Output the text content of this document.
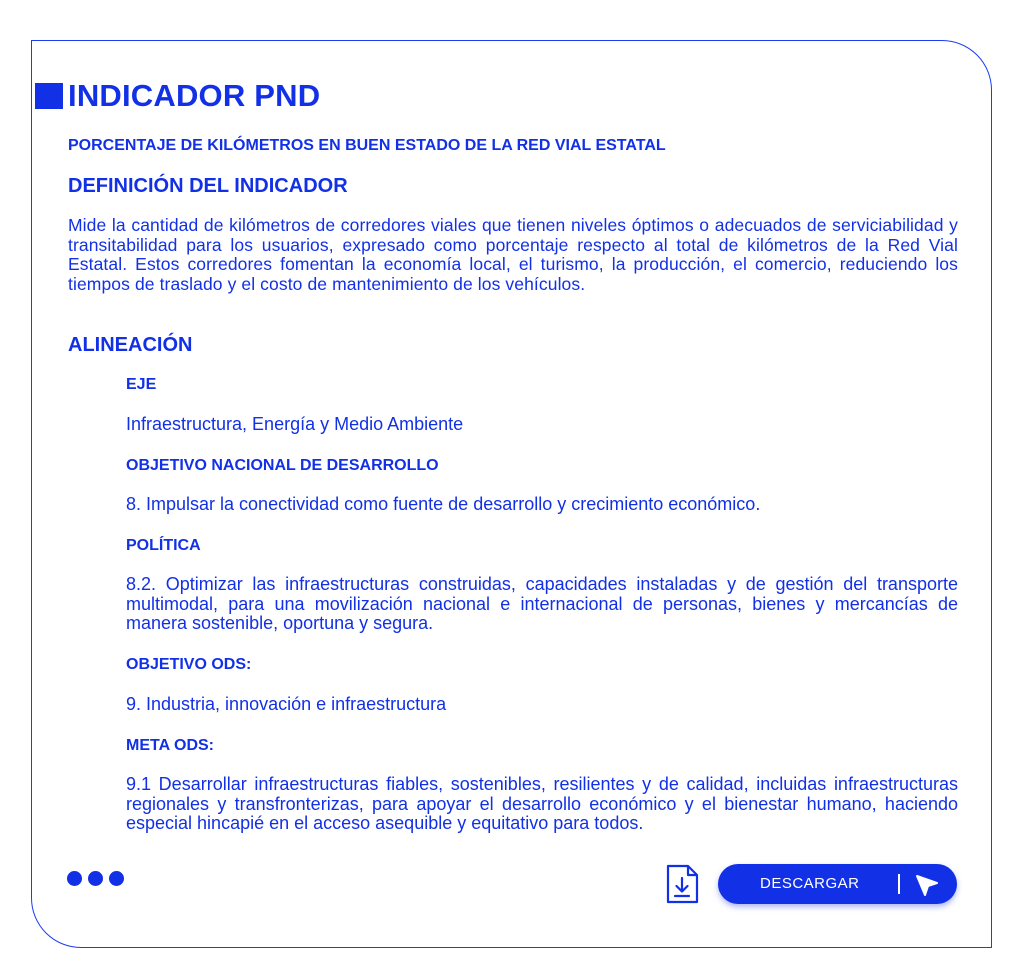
INDICADOR PND

PORCENTAJE DE KILÓMETROS EN BUEN ESTADO DE LA RED VIAL ESTATAL

DEFINICIÓN DEL INDICADOR

Mide la cantidad de kilómetros de corredores viales que tienen niveles óptimos o adecuados de serviciabilidad y transitabilidad para los usuarios, expresado como porcentaje respecto al total de kilómetros de la Red Vial Estatal. Estos corredores fomentan la economía local, el turismo, la producción, el comercio, reduciendo los tiempos de traslado y el costo de mantenimiento de los vehículos.

ALINEACIÓN

EJE

Infraestructura, Energía y Medio Ambiente

OBJETIVO NACIONAL DE DESARROLLO

8. Impulsar la conectividad como fuente de desarrollo y crecimiento económico.

POLÍTICA

8.2. Optimizar las infraestructuras construidas, capacidades instaladas y de gestión del transporte multimodal, para una movilización nacional e internacional de personas, bienes y mercancías de manera sostenible, oportuna y segura.

OBJETIVO ODS:

9. Industria, innovación e infraestructura

META ODS:

9.1 Desarrollar infraestructuras fiables, sostenibles, resilientes y de calidad, incluidas infraestructuras regionales y transfronterizas, para apoyar el desarrollo económico y el bienestar humano, haciendo especial hincapié en el acceso asequible y equitativo para todos.

DESCARGAR
